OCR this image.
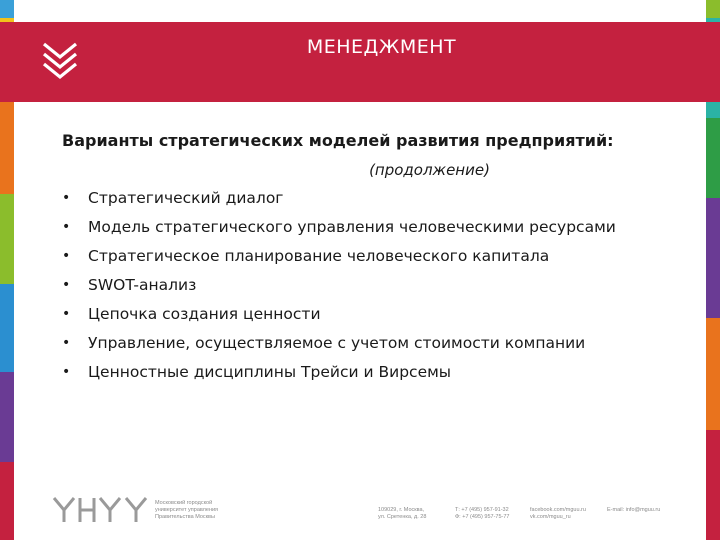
МЕНЕДЖМЕНТ
Варианты стратегических моделей развития предприятий:
(продолжение)
• Стратегический диалог
• Модель стратегического управления человеческими ресурсами
• Стратегическое планирование человеческого капитала
• SWOT-анализ
• Цепочка создания ценности
• Управление, осуществляемое с учетом стоимости компании
• Ценностные дисциплины Трейси и Вирсемы
Московский городской
университет управления
Правительства Москвы
109029, г. Москва,
ул. Сретенка, д. 28
Т: +7 (495) 957-91-32
Ф: +7 (495) 957-75-77
facebook.com/mguu.ru
vk.com/mguu_ru
E-mail: info@mguu.ru
